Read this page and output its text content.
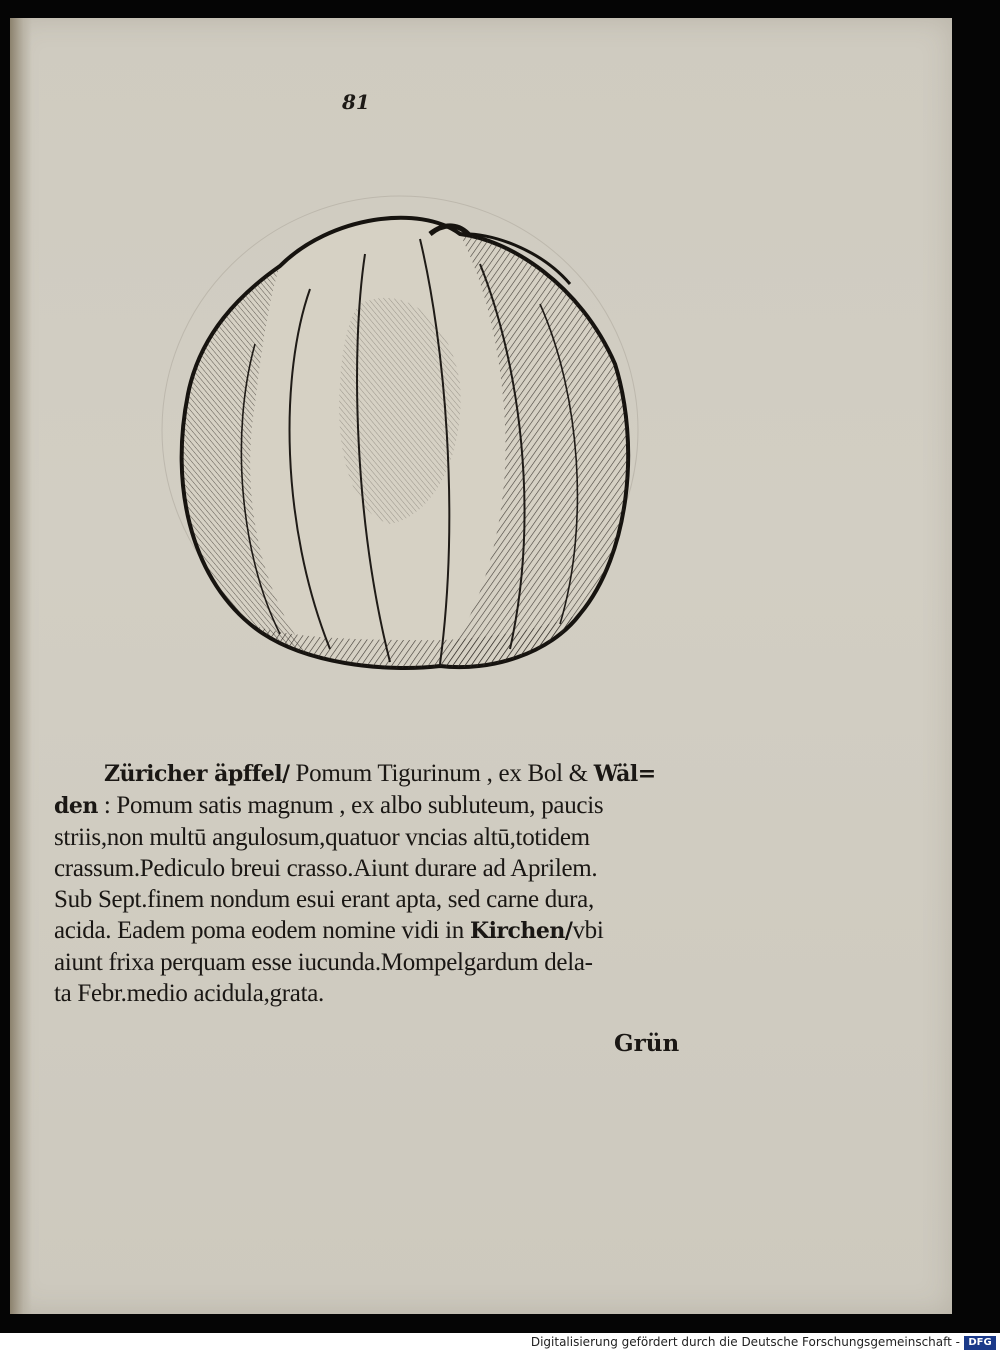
81
Züricher äpffel/ Pomum Tigurinum , ex Bol & Wäl=
den : Pomum satis magnum , ex albo subluteum, paucis
striis,non multū angulosum,quatuor vncias altū,totidem
crassum.Pediculo breui crasso.Aiunt durare ad Aprilem.
Sub Sept.finem nondum esui erant apta, sed carne dura,
acida. Eadem poma eodem nomine vidi in Kirchen/vbi
aiunt frixa perquam esse iucunda.Mompelgardum dela-
ta Febr.medio acidula,grata.
Grün
Digitalisierung gefördert durch die Deutsche Forschungsgemeinschaft - DFG
